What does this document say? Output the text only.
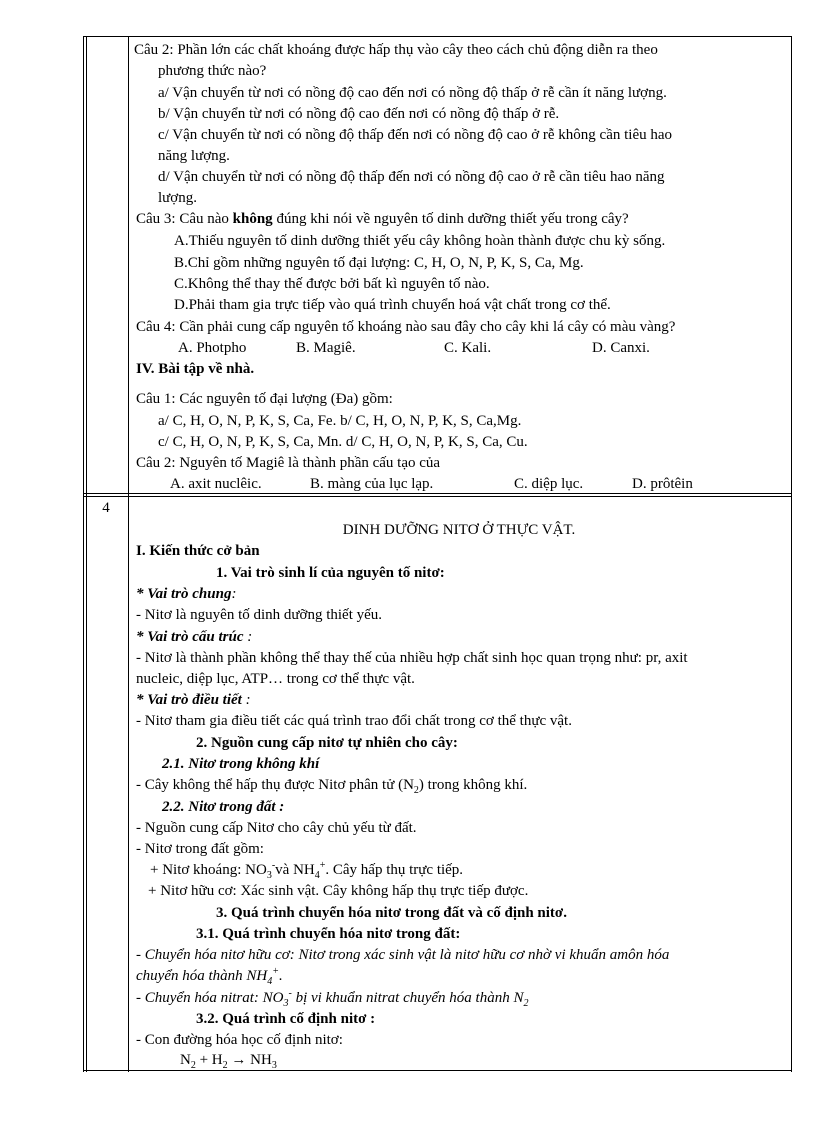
Câu 2: Phần lớn các chất khoáng được hấp thụ vào cây theo cách chủ động diễn ra theo
phương thức nào?
a/ Vận chuyển từ nơi có nồng độ cao đến nơi có nồng độ thấp ở rễ cần ít năng lượng.
b/ Vận chuyển từ nơi có nồng độ cao đến nơi có nồng độ thấp ở rễ.
c/ Vận chuyển từ nơi có nồng độ thấp đến nơi có nồng độ cao ở rễ không cần tiêu hao
năng lượng.
d/ Vận chuyển từ nơi có nồng độ thấp đến nơi có nồng độ cao ở rễ cần tiêu hao năng
lượng.
Câu 3: Câu nào không đúng khi nói về nguyên tố dinh dưỡng thiết yếu trong cây?
A.Thiếu nguyên tố dinh dưỡng thiết yếu cây không hoàn thành được chu kỳ sống.
B.Chỉ gồm những nguyên tố đại lượng: C, H, O, N, P, K, S, Ca, Mg.
C.Không thể thay thế được bởi bất kì nguyên tố nào.
D.Phải tham gia trực tiếp vào quá trình chuyển hoá vật chất trong cơ thể.
Câu 4: Cần phải cung cấp nguyên tố khoáng nào sau đây cho cây khi lá cây có màu vàng?
A. Photpho	B. Magiê.	C. Kali.	D. Canxi.
IV. Bài tập về nhà.
Câu 1: Các nguyên tố đại lượng (Đa) gồm:
a/ C, H, O, N, P, K, S, Ca, Fe. b/ C, H, O, N, P, K, S, Ca,Mg.
c/ C, H, O, N, P, K, S, Ca, Mn. d/ C, H, O, N, P, K, S, Ca, Cu.
Câu 2: Nguyên tố Magiê là thành phần cấu tạo của
A. axit nuclêic.	B. màng của lục lạp.	C. diệp lục.	D. prôtêin
4
DINH DƯỠNG NITƠ Ở THỰC VẬT.
I. Kiến thức cở bản
1. Vai trò sinh lí của nguyên tố nitơ:
* Vai trò chung:
- Nitơ là nguyên tố dinh dưỡng thiết yếu.
* Vai trò cấu trúc :
- Nitơ là thành phần không thể thay thế của nhiều hợp chất sinh học quan trọng như: pr, axit
nucleic, diệp lục, ATP… trong cơ thể thực vật.
* Vai trò điều tiết :
- Nitơ tham gia điều tiết các quá trình trao đổi chất trong cơ thể thực vật.
2. Nguồn cung cấp nitơ tự nhiên cho cây:
2.1. Nitơ trong không khí
- Cây không thể hấp thụ được Nitơ phân tử $(N_2)$ trong không khí.
2.2. Nitơ trong đất :
- Nguồn cung cấp Nitơ cho cây chủ yếu từ đất.
- Nitơ trong đất gồm:
+ Nitơ khoáng: $NO_3^-và$ $NH_4^+$. Cây hấp thụ trực tiếp.
+ Nitơ hữu cơ: Xác sinh vật. Cây không hấp thụ trực tiếp được.
3. Quá trình chuyển hóa nitơ trong đất và cố định nitơ.
3.1. Quá trình chuyển hóa nitơ trong đất:
- Chuyển hóa nitơ hữu cơ: Nitơ trong xác sinh vật là nitơ hữu cơ nhờ vi khuẩn amôn hóa
chuyển hóa thành $NH_4^+$.
- Chuyển hóa nitrat: $NO_3^-$ bị vi khuẩn nitrat chuyển hóa thành $N_2$
3.2. Quá trình cố định nitơ :
- Con đường hóa học cố định nitơ:
$N_2 + H_2 \to NH_3$
